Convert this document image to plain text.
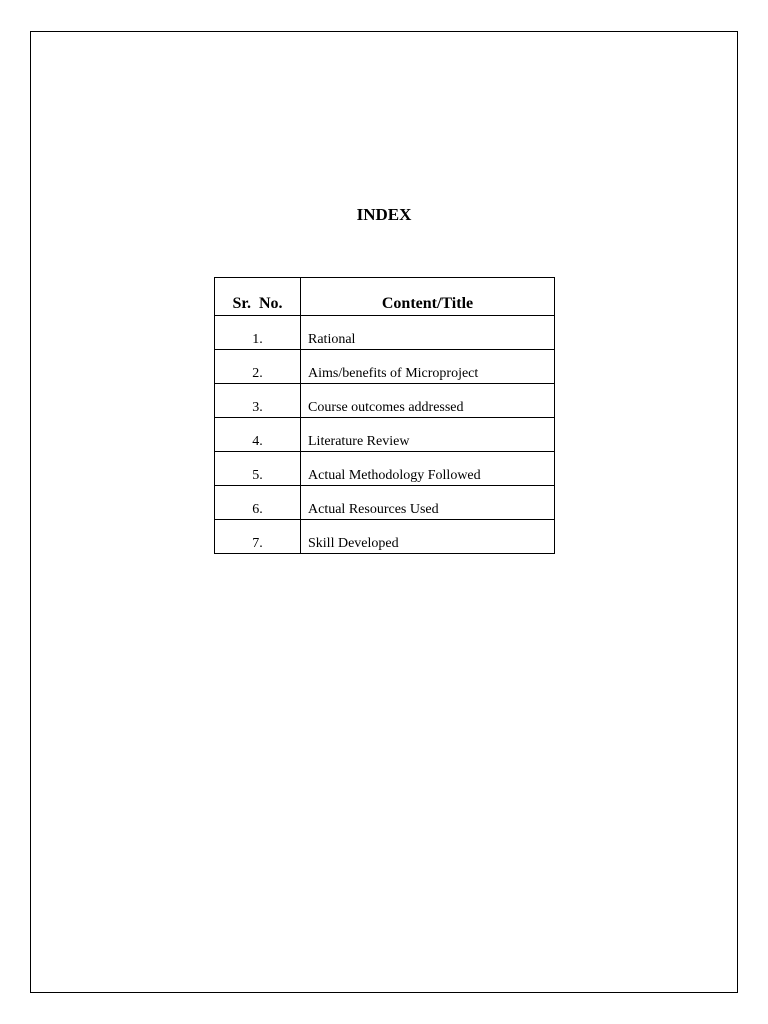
INDEX
Sr. No.	Content/Title
1.	Rational
2.	Aims/benefits of Microproject
3.	Course outcomes addressed
4.	Literature Review
5.	Actual Methodology Followed
6.	Actual Resources Used
7.	Skill Developed
